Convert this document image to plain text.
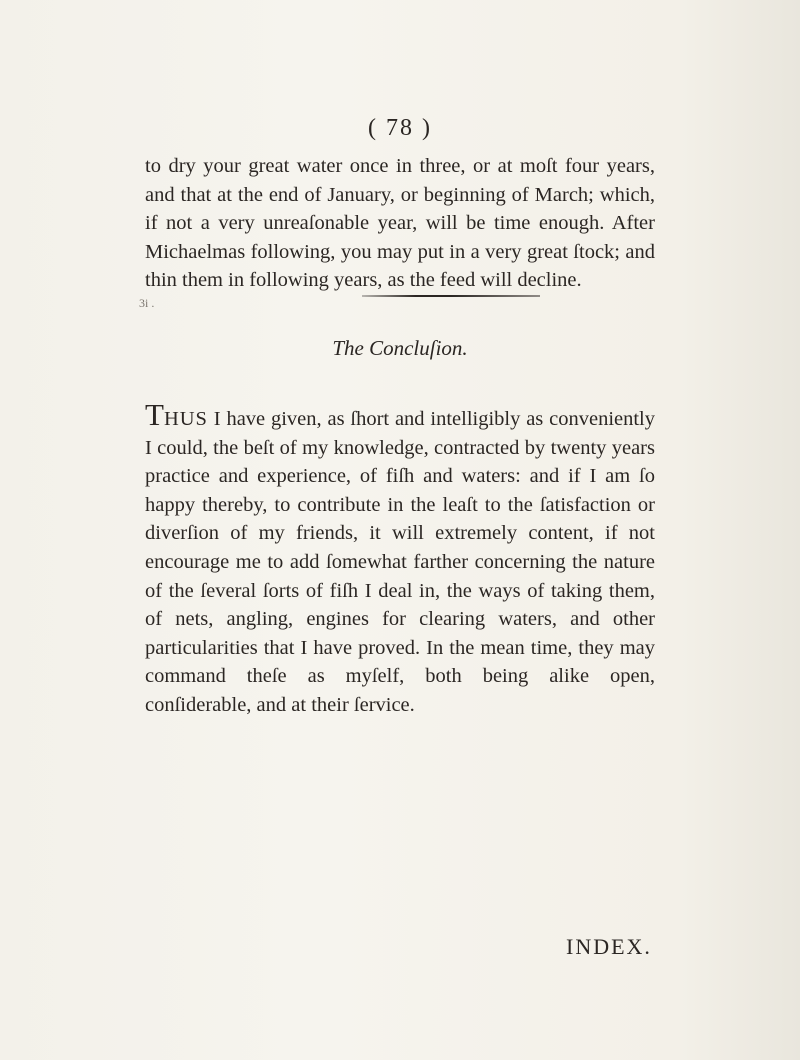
( 78 )

to dry your great water once in three, or at moſt four years, and that at the end of January, or beginning of March; which, if not a very unreaſonable year, will be time enough. After Michaelmas following, you may put in a very great ſtock; and thin them in following years, as the feed will decline.

3i .
The Concluſion.

THUS I have given, as ſhort and intelligibly as conveniently I could, the beſt of my knowledge, contracted by twenty years practice and experience, of fiſh and waters: and if I am ſo happy thereby, to contribute in the leaſt to the ſatisfaction or diverſion of my friends, it will extremely content, if not encourage me to add ſomewhat farther concerning the nature of the ſeveral ſorts of fiſh I deal in, the ways of taking them, of nets, angling, engines for clearing waters, and other particularities that I have proved. In the mean time, they may command theſe as myſelf, both being alike open, conſiderable, and at their ſervice.

INDEX.
